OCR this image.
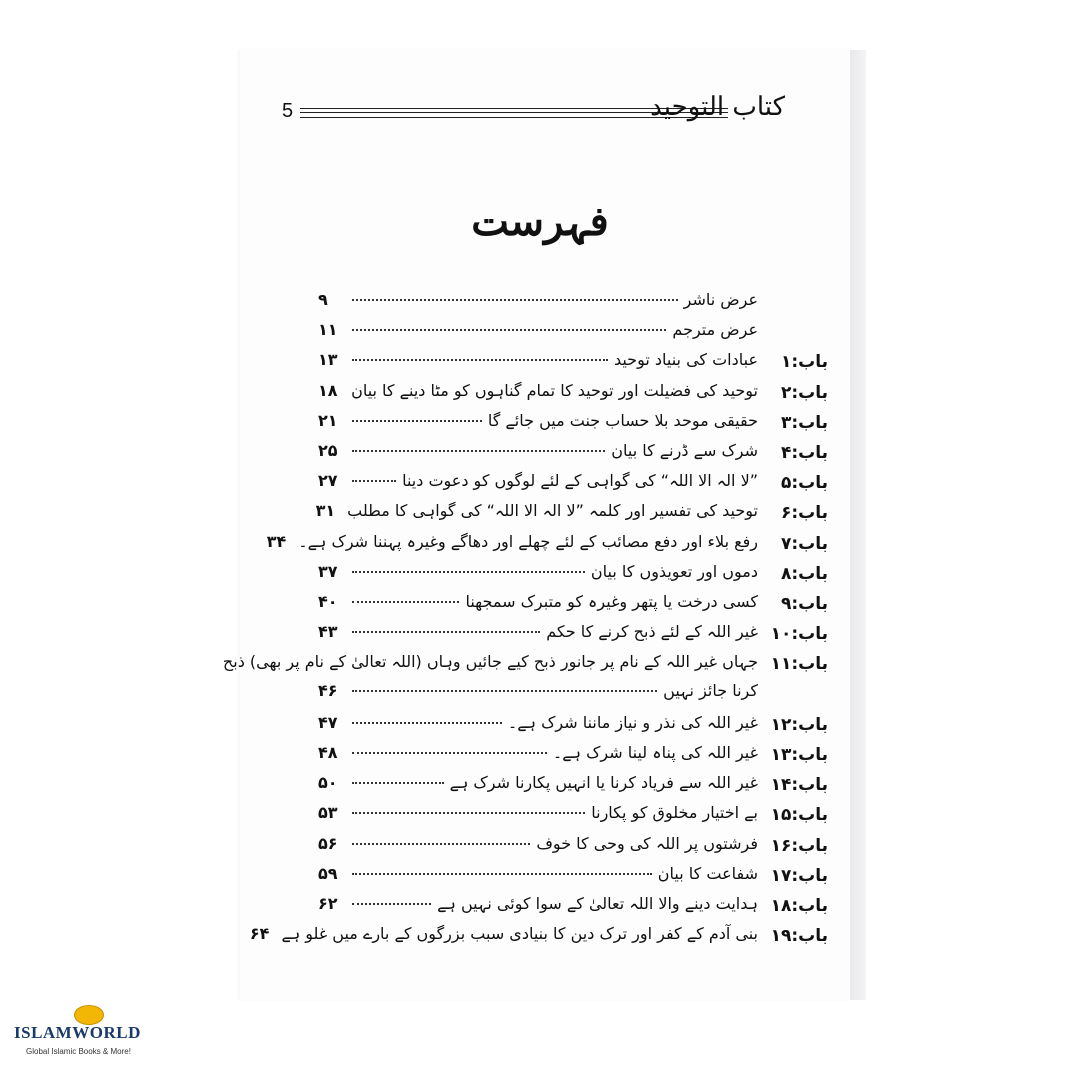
5	کتاب التوحید
فہرست
عرض ناشر
۹
عرض مترجم
۱۱
باب:۱
عبادات کی بنیاد توحید
۱۳
باب:۲
توحید کی فضیلت اور توحید کا تمام گناہوں کو مٹا دینے کا بیان
۱۸
باب:۳
حقیقی موحد بلا حساب جنت میں جائے گا
۲۱
باب:۴
شرک سے ڈرنے کا بیان
۲۵
باب:۵
”لا الہ الا اللہ“ کی گواہی کے لئے لوگوں کو دعوت دینا
۲۷
باب:۶
توحید کی تفسیر اور کلمہ ”لا الہ الا اللہ“ کی گواہی کا مطلب
۳۱
باب:۷
رفع بلاء اور دفع مصائب کے لئے چھلے اور دھاگے وغیرہ پہننا شرک ہے۔
۳۴
باب:۸
دموں اور تعویذوں کا بیان
۳۷
باب:۹
کسی درخت یا پتھر وغیرہ کو متبرک سمجھنا
۴۰
باب:۱۰
غیر اللہ کے لئے ذبح کرنے کا حکم
۴۳
باب:۱۱
جہاں غیر اللہ کے نام پر جانور ذبح کیے جائیں وہاں (اللہ تعالیٰ کے نام پر بھی) ذبح
کرنا جائز نہیں
۴۶
باب:۱۲
غیر اللہ کی نذر و نیاز ماننا شرک ہے۔
۴۷
باب:۱۳
غیر اللہ کی پناہ لینا شرک ہے۔
۴۸
باب:۱۴
غیر اللہ سے فریاد کرنا یا انہیں پکارنا شرک ہے
۵۰
باب:۱۵
بے اختیار مخلوق کو پکارنا
۵۳
باب:۱۶
فرشتوں پر اللہ کی وحی کا خوف
۵۶
باب:۱۷
شفاعت کا بیان
۵۹
باب:۱۸
ہدایت دینے والا اللہ تعالیٰ کے سوا کوئی نہیں ہے
۶۲
باب:۱۹
بنی آدم کے کفر اور ترک دین کا بنیادی سبب بزرگوں کے بارے میں غلو ہے
۶۴
ISLAMWORLD
Global Islamic Books & More!
